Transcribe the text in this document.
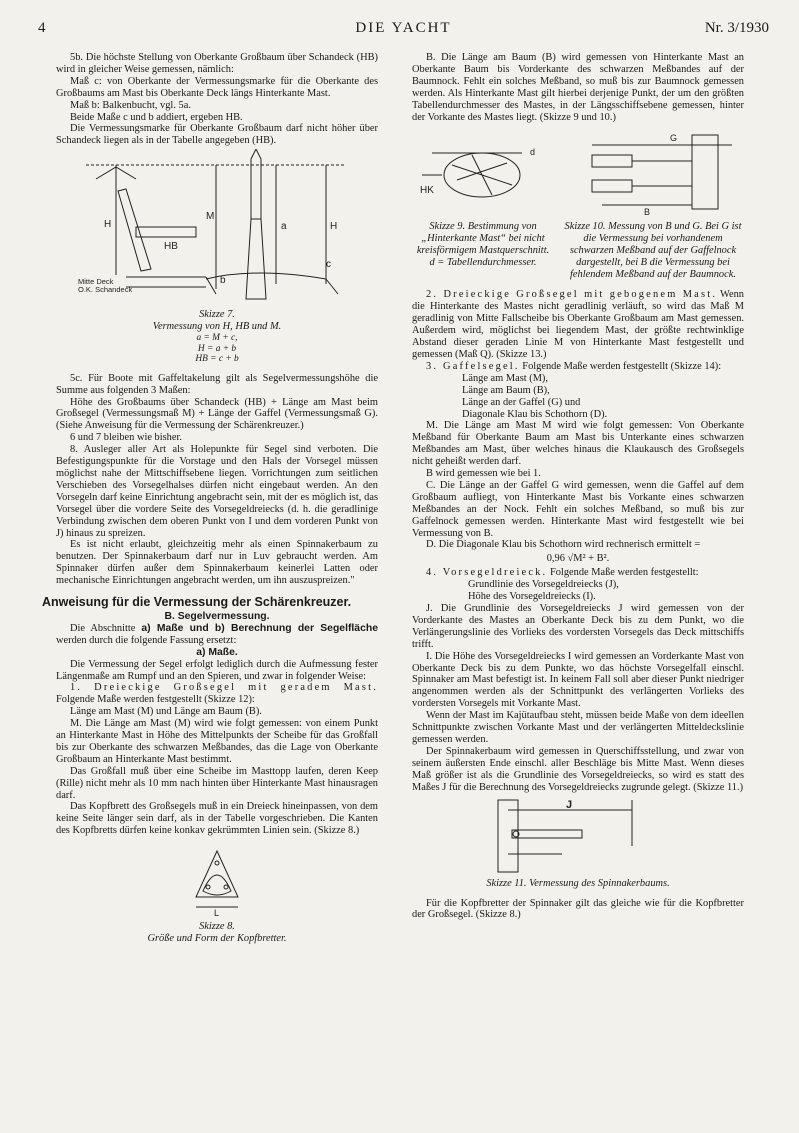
4	DIE YACHT	Nr. 3/1930

5b. Die höchste Stellung von Oberkante Großbaum über Schandeck (HB) wird in gleicher Weise gemessen, nämlich:

Maß c: von Oberkante der Vermessungsmarke für die Oberkante des Großbaums am Mast bis Oberkante Deck längs Hinterkante Mast.

Maß b: Balkenbucht, vgl. 5a.

Beide Maße c und b addiert, ergeben HB.

Die Vermessungsmarke für Oberkante Großbaum darf nicht höher über Schandeck liegen als in der Tabelle angegeben (HB).

H
M
a	H
HB
b
c
Mitte Deck
O.K. Schandeck
Skizze 7.
Vermessung von H, HB und M.
a = M + c,
H = a + b
HB = c + b

5c. Für Boote mit Gaffeltakelung gilt als Segelvermessungshöhe die Summe aus folgenden 3 Maßen:

Höhe des Großbaums über Schandeck (HB) + Länge am Mast beim Großsegel (Vermessungsmaß M) + Länge der Gaffel (Vermessungsmaß G). (Siehe Anweisung für die Vermessung der Schärenkreuzer.)

6 und 7 bleiben wie bisher.

8. Ausleger aller Art als Holepunkte für Segel sind verboten. Die Befestigungspunkte für die Vorstage und den Hals der Vorsegel müssen möglichst nahe der Mittschiffsebene liegen. Vorrichtungen zum seitlichen Verschieben des Vorsegelhalses dürfen nicht eingebaut werden. An den Vorsegeln darf keine Einrichtung angebracht sein, mit der es möglich ist, das Vorsegel über die vordere Seite des Vorsegeldreiecks (d. h. die geradlinige Verbindung zwischen dem oberen Punkt von I und dem vorderen Punkt von J) hinaus zu spreizen.

Es ist nicht erlaubt, gleichzeitig mehr als einen Spinnakerbaum zu benutzen. Der Spinnakerbaum darf nur in Luv gebraucht werden. Am Spinnaker dürfen außer dem Spinnakerbaum keinerlei Latten oder mechanische Einrichtungen angebracht werden, um ihn auszuspreizen."

Anweisung für die Vermessung der Schärenkreuzer.
B. Segelvermessung.

Die Abschnitte a) Maße und b) Berechnung der Segelfläche werden durch die folgende Fassung ersetzt:

a) Maße.

Die Vermessung der Segel erfolgt lediglich durch die Aufmessung fester Längenmaße am Rumpf und an den Spieren, und zwar in folgender Weise:

1. Dreieckige Großsegel mit geradem Mast. Folgende Maße werden festgestellt (Skizze 12):

Länge am Mast (M) und Länge am Baum (B).

M. Die Länge am Mast (M) wird wie folgt gemessen: von einem Punkt an Hinterkante Mast in Höhe des Mittelpunkts der Scheibe für das Großfall bis zur Oberkante des schwarzen Meßbandes, das die Lage von Oberkante Großbaum an Hinterkante Mast bestimmt.

Das Großfall muß über eine Scheibe im Masttopp laufen, deren Keep (Rille) nicht mehr als 10 mm nach hinten über Hinterkante Mast hinausragen darf.

Das Kopfbrett des Großsegels muß in ein Dreieck hineinpassen, von dem keine Seite länger sein darf, als in der Tabelle vorgeschrieben. Die Kanten des Kopfbretts dürfen keine konkav gekrümmten Linien sein. (Skizze 8.)

L
Skizze 8.
Größe und Form der Kopfbretter.

B. Die Länge am Baum (B) wird gemessen von Hinterkante Mast an Oberkante Baum bis Vorderkante des schwarzen Meßbandes auf der Baumnock. Fehlt ein solches Meßband, so muß bis zur Baumnock gemessen werden. Als Hinterkante Mast gilt hierbei derjenige Punkt, der um den größten Tabellendurchmesser des Mastes, in der Längsschiffsebene gemessen, hinter der Vorkante des Mastes liegt. (Skizze 9 und 10.)

G
B
d
HK
Skizze 9. Bestimmung von „Hinterkante Mast“ bei nicht kreisförmigem Mastquerschnitt.
d = Tabellendurchmesser.
Skizze 10. Messung von B und G. Bei G ist die Vermessung bei vorhandenem schwarzen Meßband auf der Gaffelnock dargestellt, bei B die Vermessung bei fehlendem Meßband auf der Baumnock.

2. Dreieckige Großsegel mit gebogenem Mast. Wenn die Hinterkante des Mastes nicht geradlinig verläuft, so wird das Maß M geradlinig von Mitte Fallscheibe bis Oberkante Großbaum am Mast gemessen. Außerdem wird, möglichst bei liegendem Mast, der größte rechtwinklige Abstand dieser geraden Linie M von Hinterkante Mast festgestellt und gemessen (Maß Q). (Skizze 13.)

3. Gaffelsegel. Folgende Maße werden festgestellt (Skizze 14):

Länge am Mast (M),

Länge am Baum (B),

Länge an der Gaffel (G) und

Diagonale Klau bis Schothorn (D).

M. Die Länge am Mast M wird wie folgt gemessen: Von Oberkante Meßband für Oberkante Baum am Mast bis Unterkante eines schwarzen Meßbandes am Mast, über welches hinaus die Klaukausch des Großsegels nicht geheißt werden darf.

B wird gemessen wie bei 1.

C. Die Länge an der Gaffel G wird gemessen, wenn die Gaffel auf dem Großbaum aufliegt, von Hinterkante Mast bis Vorkante eines schwarzen Meßbandes an der Nock. Fehlt ein solches Meßband, so muß bis zur Gaffelnock gemessen werden. Hinterkante Mast wird festgestellt wie bei Vermessung von B.

D. Die Diagonale Klau bis Schothorn wird rechnerisch ermittelt =

0,96 √M² + B².

4. Vorsegeldreieck. Folgende Maße werden festgestellt:

Grundlinie des Vorsegeldreiecks (J),

Höhe des Vorsegeldreiecks (I).

J. Die Grundlinie des Vorsegeldreiecks J wird gemessen von der Vorderkante des Mastes an Oberkante Deck bis zu dem Punkt, wo die Verlängerungslinie des Vorlieks des vordersten Vorsegels das Deck mittschiffs trifft.

I. Die Höhe des Vorsegeldreiecks I wird gemessen an Vorderkante Mast von Oberkante Deck bis zu dem Punkte, wo das höchste Vorsegelfall einschl. Spinnaker am Mast befestigt ist. In keinem Fall soll aber dieser Punkt niedriger angenommen werden als der Schnittpunkt des verlängerten Vorlieks des vordersten Vorsegels mit Vorkante Mast.

Wenn der Mast im Kajütaufbau steht, müssen beide Maße von dem ideellen Schnittpunkte zwischen Vorkante Mast und der verlängerten Mitteldeckslinie gemessen werden.

Der Spinnakerbaum wird gemessen in Querschiffsstellung, und zwar von seinem äußersten Ende einschl. aller Beschläge bis Mitte Mast. Wenn dieses Maß größer ist als die Grundlinie des Vorsegeldreiecks, so wird es statt des Maßes J für die Berechnung des Vorsegeldreiecks zugrunde gelegt. (Skizze 11.)

J
Skizze 11. Vermessung des Spinnakerbaums.

Für die Kopfbretter der Spinnaker gilt das gleiche wie für die Kopfbretter der Großsegel. (Skizze 8.)
